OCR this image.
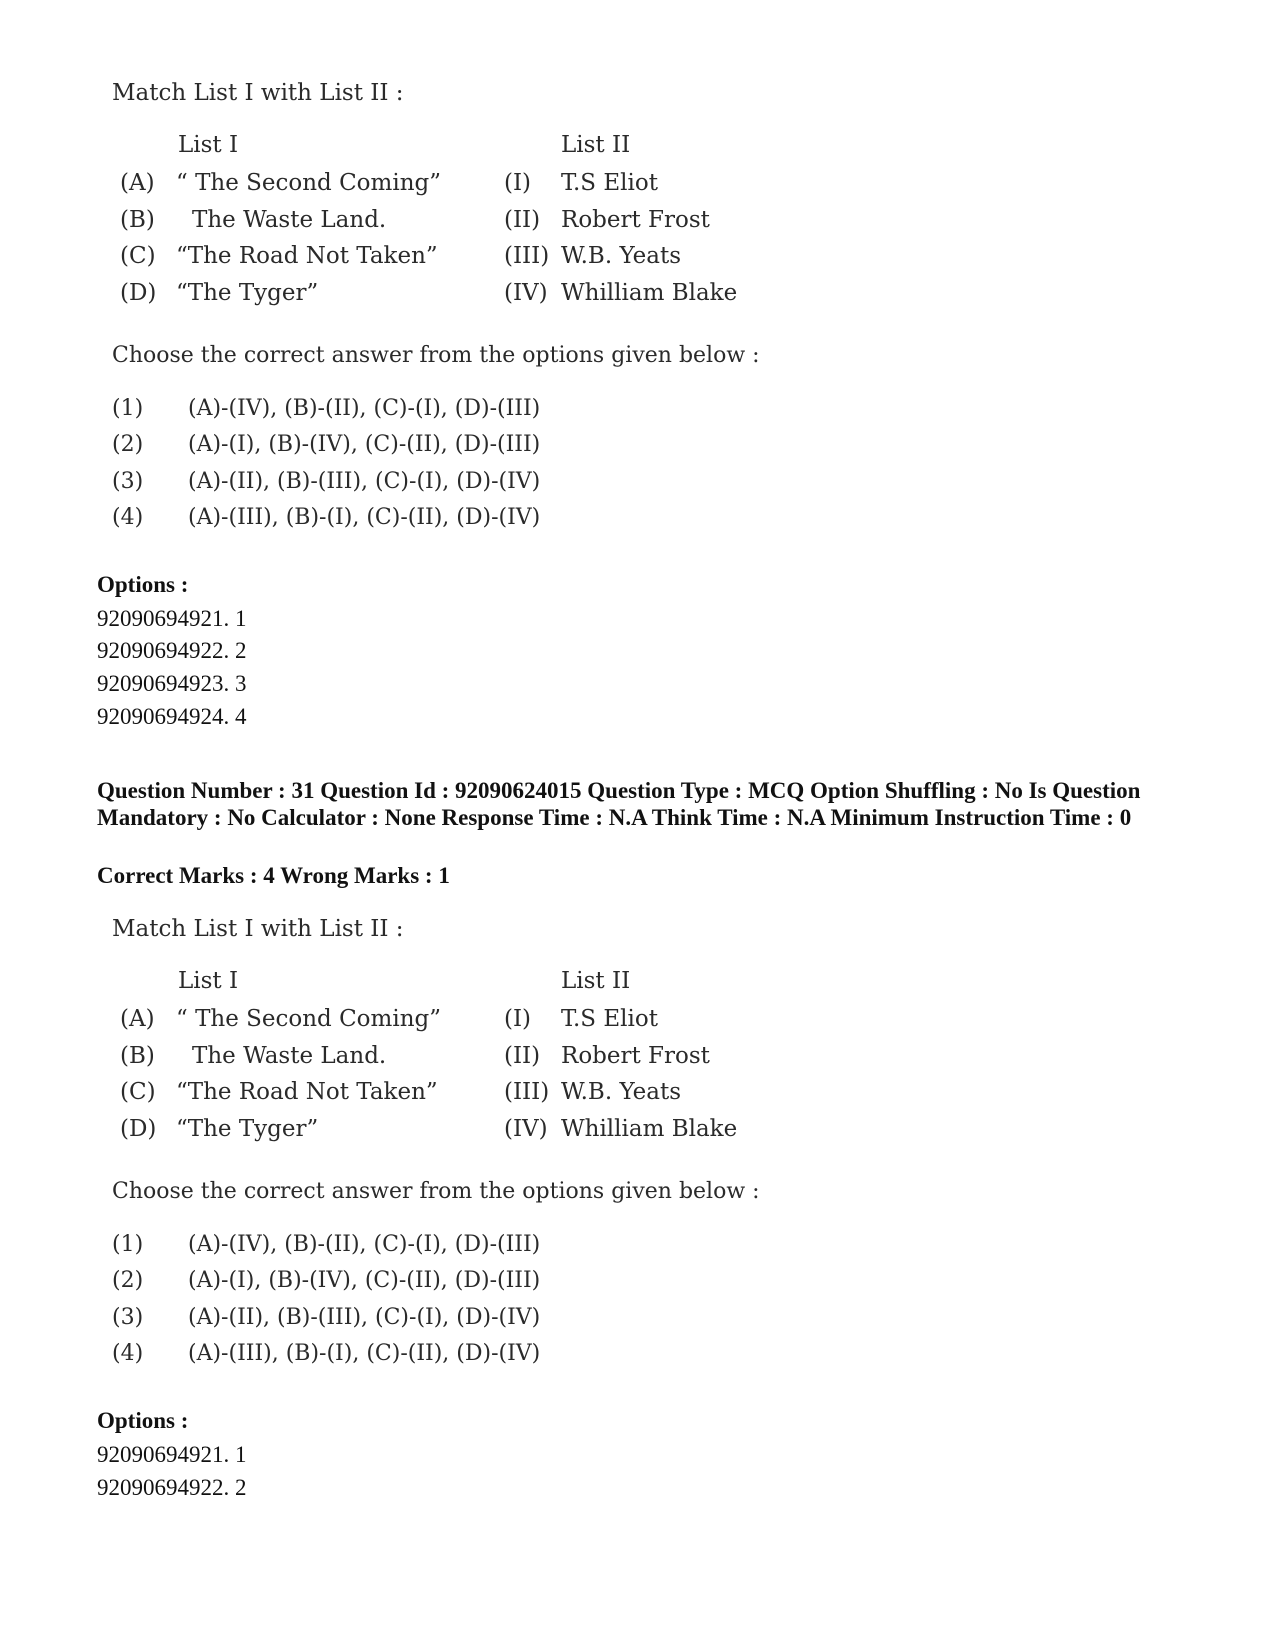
Match List I with List II :
List I	List II
(A) “ The Second Coming”	(I) T.S Eliot
(B) The Waste Land.	(II) Robert Frost
(C) “The Road Not Taken”	(III) W.B. Yeats
(D) “The Tyger”	(IV) Whilliam Blake
Choose the correct answer from the options given below :
(1) (A)-(IV), (B)-(II), (C)-(I), (D)-(III)
(2) (A)-(I), (B)-(IV), (C)-(II), (D)-(III)
(3) (A)-(II), (B)-(III), (C)-(I), (D)-(IV)
(4) (A)-(III), (B)-(I), (C)-(II), (D)-(IV)
Options :
92090694921. 1
92090694922. 2
92090694923. 3
92090694924. 4
Question Number : 31 Question Id : 92090624015 Question Type : MCQ Option Shuffling : No Is Question Mandatory : No Calculator : None Response Time : N.A Think Time : N.A Minimum Instruction Time : 0
Correct Marks : 4 Wrong Marks : 1
Match List I with List II :
List I	List II
(A) “ The Second Coming”	(I) T.S Eliot
(B) The Waste Land.	(II) Robert Frost
(C) “The Road Not Taken”	(III) W.B. Yeats
(D) “The Tyger”	(IV) Whilliam Blake
Choose the correct answer from the options given below :
(1) (A)-(IV), (B)-(II), (C)-(I), (D)-(III)
(2) (A)-(I), (B)-(IV), (C)-(II), (D)-(III)
(3) (A)-(II), (B)-(III), (C)-(I), (D)-(IV)
(4) (A)-(III), (B)-(I), (C)-(II), (D)-(IV)
Options :
92090694921. 1
92090694922. 2
